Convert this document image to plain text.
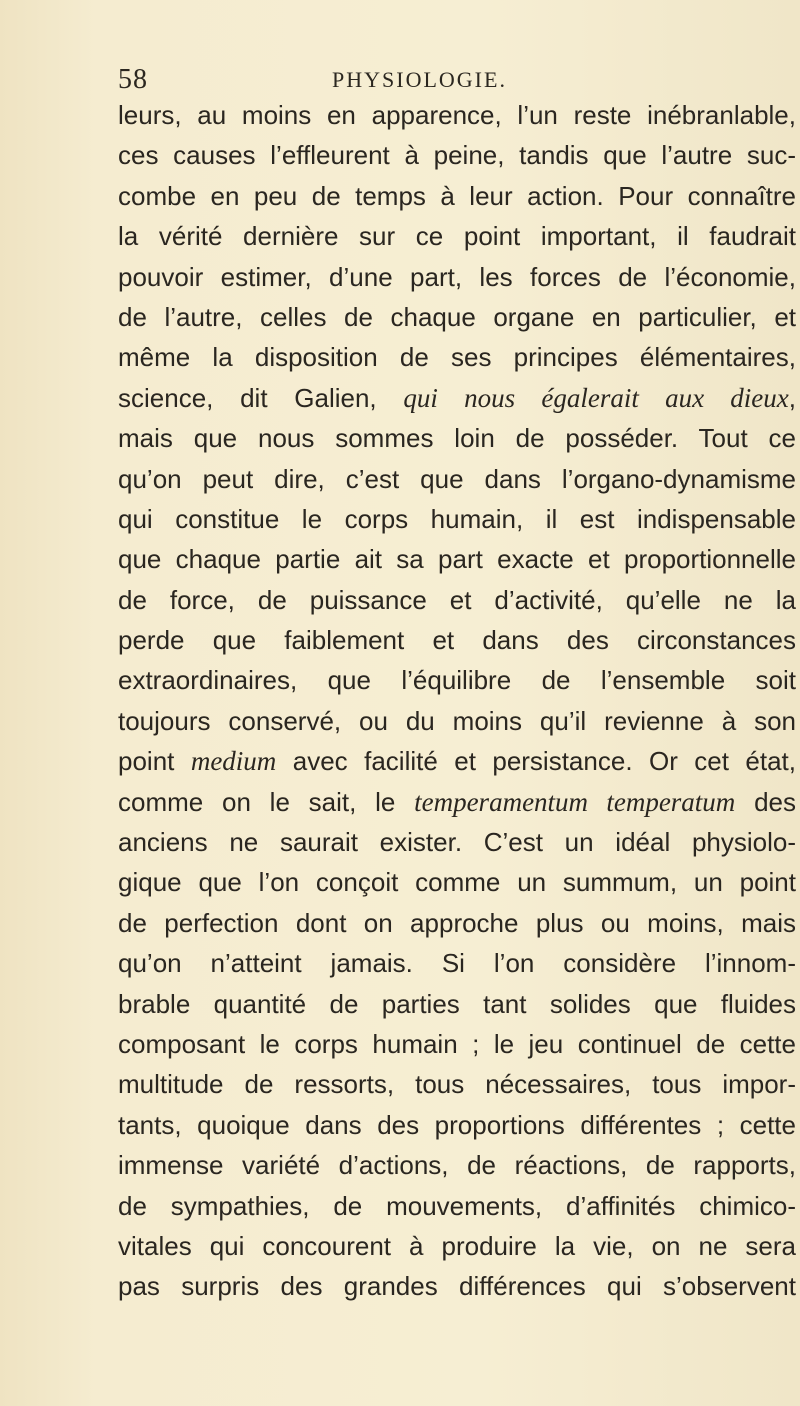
58	PHYSIOLOGIE.
leurs, au moins en apparence, l’un reste inébranlable,
ces causes l’effleurent à peine, tandis que l’autre suc-
combe en peu de temps à leur action. Pour connaître
la vérité dernière sur ce point important, il faudrait
pouvoir estimer, d’une part, les forces de l’économie,
de l’autre, celles de chaque organe en particulier, et
même la disposition de ses principes élémentaires,
science, dit Galien, qui nous égalerait aux dieux,
mais que nous sommes loin de posséder. Tout ce
qu’on peut dire, c’est que dans l’organo-dynamisme
qui constitue le corps humain, il est indispensable
que chaque partie ait sa part exacte et proportionnelle
de force, de puissance et d’activité, qu’elle ne la
perde que faiblement et dans des circonstances
extraordinaires, que l’équilibre de l’ensemble soit
toujours conservé, ou du moins qu’il revienne à son
point medium avec facilité et persistance. Or cet état,
comme on le sait, le temperamentum temperatum des
anciens ne saurait exister. C’est un idéal physiolo-
gique que l’on conçoit comme un summum, un point
de perfection dont on approche plus ou moins, mais
qu’on n’atteint jamais. Si l’on considère l’innom-
brable quantité de parties tant solides que fluides
composant le corps humain ; le jeu continuel de cette
multitude de ressorts, tous nécessaires, tous impor-
tants, quoique dans des proportions différentes ; cette
immense variété d’actions, de réactions, de rapports,
de sympathies, de mouvements, d’affinités chimico-
vitales qui concourent à produire la vie, on ne sera
pas surpris des grandes différences qui s’observent
